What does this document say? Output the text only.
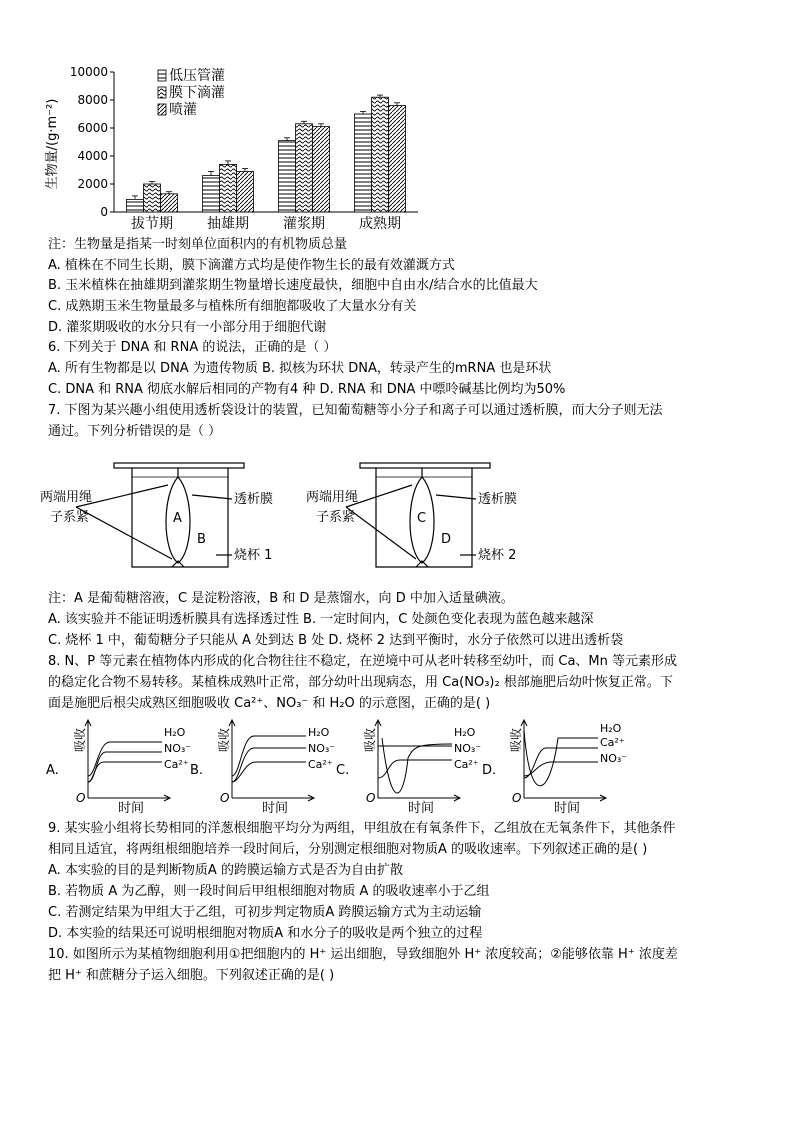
10000
8000
6000
4000
2000
0
生物量/(g·m⁻²)
拔节期 抽雄期 灌浆期 成熟期
低压管灌
膜下滴灌
喷灌
注：生物量是指某一时刻单位面积内的有机物质总量
A. 植株在不同生长期，膜下滴灌方式均是使作物生长的最有效灌溉方式
B. 玉米植株在抽雄期到灌浆期生物量增长速度最快，细胞中自由水/结合水的比值最大
C. 成熟期玉米生物量最多与植株所有细胞都吸收了大量水分有关
D. 灌浆期吸收的水分只有一小部分用于细胞代谢
6. 下列关于 DNA 和 RNA 的说法，正确的是（ ）
A. 所有生物都是以 DNA 为遗传物质 B. 拟核为环状 DNA，转录产生的mRNA 也是环状
C. DNA 和 RNA 彻底水解后相同的产物有4 种 D. RNA 和 DNA 中嘌呤碱基比例均为50%
7. 下图为某兴趣小组使用透析袋设计的装置，已知葡萄糖等小分子和离子可以通过透析膜，而大分子则无法
通过。下列分析错误的是（ ）
两端用绳
子系紧
透析膜
A
B
烧杯 1
两端用绳
子系紧
透析膜
C
D
烧杯 2
注：A 是葡萄糖溶液，C 是淀粉溶液，B 和 D 是蒸馏水，向 D 中加入适量碘液。
A. 该实验并不能证明透析膜具有选择透过性 B. 一定时间内，C 处颜色变化表现为蓝色越来越深
C. 烧杯 1 中，葡萄糖分子只能从 A 处到达 B 处 D. 烧杯 2 达到平衡时，水分子依然可以进出透析袋
8. N、P 等元素在植物体内形成的化合物往往不稳定，在逆境中可从老叶转移至幼叶，而 Ca、Mn 等元素形成
的稳定化合物不易转移。某植株成熟叶正常，部分幼叶出现病态，用 Ca(NO₃)₂ 根部施肥后幼叶恢复正常。下
面是施肥后根尖成熟区细胞吸收 Ca²⁺、NO₃⁻ 和 H₂O 的示意图，正确的是( )
A.
吸收
时间
O
H₂O
NO₃⁻
Ca²⁺ B.
吸收
时间
O
H₂O
NO₃⁻
Ca²⁺ C.
吸收
时间
O
H₂O
NO₃⁻
Ca²⁺ D.
吸收
时间
O
H₂O
Ca²⁺
NO₃⁻
9. 某实验小组将长势相同的洋葱根细胞平均分为两组，甲组放在有氧条件下，乙组放在无氧条件下，其他条件
相同且适宜，将两组根细胞培养一段时间后，分别测定根细胞对物质A 的吸收速率。下列叙述正确的是( )
A. 本实验的目的是判断物质A 的跨膜运输方式是否为自由扩散
B. 若物质 A 为乙醇，则一段时间后甲组根细胞对物质 A 的吸收速率小于乙组
C. 若测定结果为甲组大于乙组，可初步判定物质A 跨膜运输方式为主动运输
D. 本实验的结果还可说明根细胞对物质A 和水分子的吸收是两个独立的过程
10. 如图所示为某植物细胞利用①把细胞内的 H⁺ 运出细胞，导致细胞外 H⁺ 浓度较高；②能够依靠 H⁺ 浓度差
把 H⁺ 和蔗糖分子运入细胞。下列叙述正确的是( )
